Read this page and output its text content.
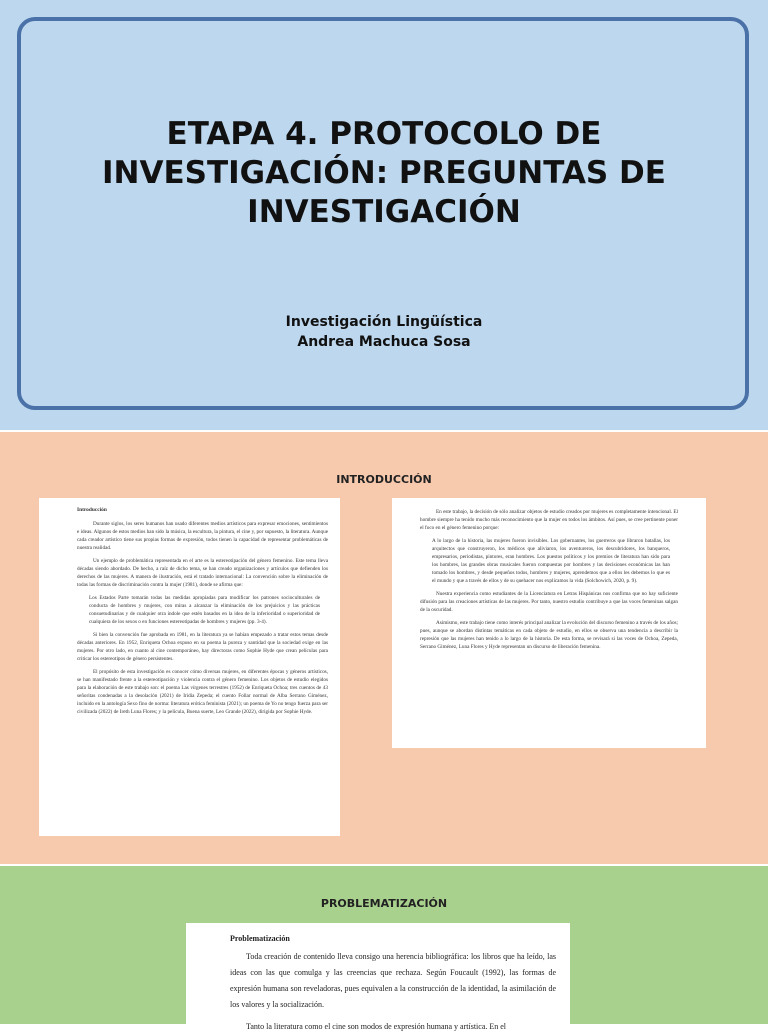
ETAPA 4. PROTOCOLO DE
INVESTIGACIÓN: PREGUNTAS DE
INVESTIGACIÓN
Investigación Lingüística
Andrea Machuca Sosa
INTRODUCCIÓN

Introducción

Durante siglos, los seres humanos han usado diferentes medios artísticos para expresar emociones, sentimientos e ideas. Algunos de estos medios han sido la música, la escultura, la pintura, el cine y, por supuesto, la literatura. Aunque cada creador artístico tiene sus propias formas de expresión, todos tienen la capacidad de representar problemáticas de nuestra realidad.

Un ejemplo de problemática representada en el arte es la estereotipación del género femenino. Este tema lleva décadas siendo abordado. De hecho, a raíz de dicho tema, se han creado organizaciones y artículos que defienden los derechos de las mujeres. A manera de ilustración, está el tratado internacional: La convención sobre la eliminación de todas las formas de discriminación contra la mujer (1981), donde se afirma que:

Los Estados Parte tomarán todas las medidas apropiadas para modificar los patrones socioculturales de conducta de hombres y mujeres, con miras a alcanzar la eliminación de los prejuicios y las prácticas consuetudinarias y de cualquier otra índole que estén basados en la idea de la inferioridad o superioridad de cualquiera de los sexos o en funciones estereotipadas de hombres y mujeres (pp. 3-4).

Si bien la convención fue aprobada en 1981, en la literatura ya se habían empezado a tratar estos temas desde décadas anteriores. En 1952, Enriqueta Ochoa expuso en su poema la pureza y santidad que la sociedad exige en las mujeres. Por otro lado, en cuanto al cine contemporáneo, hay directoras como Sophie Hyde que crean películas para criticar los estereotipos de género persistentes.

El propósito de esta investigación es conocer cómo diversas mujeres, en diferentes épocas y géneros artísticos, se han manifestado frente a la estereotipación y violencia contra el género femenino. Los objetos de estudio elegidos para la elaboración de este trabajo son: el poema Las vírgenes terrestres (1952) de Enriqueta Ochoa; tres cuentos de 43 señoritas condenadas a la desolación (2021) de Iridia Zepeda; el cuento Follar normal de Alba Serrano Giménez, incluido en la antología Sexo fino de norma: literatura erótica feminista (2021); un poema de Yo no tengo fuerza para ser civilizada (2022) de Ireth Luna Flores; y la película, Buena suerte, Leo Grande (2022), dirigida por Sophie Hyde.

En este trabajo, la decisión de sólo analizar objetos de estudio creados por mujeres es completamente intencional. El hombre siempre ha tenido mucho más reconocimiento que la mujer en todos los ámbitos. Así pues, se cree pertinente poner el foco en el género femenino porque:

A lo largo de la historia, las mujeres fueron invisibles. Los gobernantes, los guerreros que libraron batallas, los arquitectos que construyeron, los médicos que aliviaron, los aventureros, los descubridores, los banqueros, empresarios, periodistas, pintores, eran hombres. Los puestos políticos y los premios de literatura han sido para los hombres, las grandes obras musicales fueron compuestas por hombres y las decisiones económicas las han tomado los hombres, y desde pequeños todos, hombres y mujeres, aprendemos que a ellos les debemos lo que es el mundo y que a través de ellos y de su quehacer nos explicamos la vida (Solchowich, 2020, p. 9).

Nuestra experiencia como estudiantes de la Licenciatura en Letras Hispánicas nos confirma que no hay suficiente difusión para las creaciones artísticas de las mujeres. Por tanto, nuestro estudio contribuye a que las voces femeninas salgan de la oscuridad.

Asimismo, este trabajo tiene como interés principal analizar la evolución del discurso femenino a través de los años; pues, aunque se abordan distintas temáticas en cada objeto de estudio, en ellos se observa una tendencia a describir la represión que las mujeres han tenido a lo largo de la historia. De esta forma, se revisará si las voces de Ochoa, Zepeda, Serrano Giménez, Luna Flores y Hyde representan un discurso de liberación femenina.

PROBLEMATIZACIÓN

Problematización

Toda creación de contenido lleva consigo una herencia bibliográfica: los libros que ha leído, las ideas con las que comulga y las creencias que rechaza. Según Foucault (1992), las formas de expresión humana son reveladoras, pues equivalen a la construcción de la identidad, la asimilación de los valores y la socialización.

Tanto la literatura como el cine son modos de expresión humana y artística. En el
